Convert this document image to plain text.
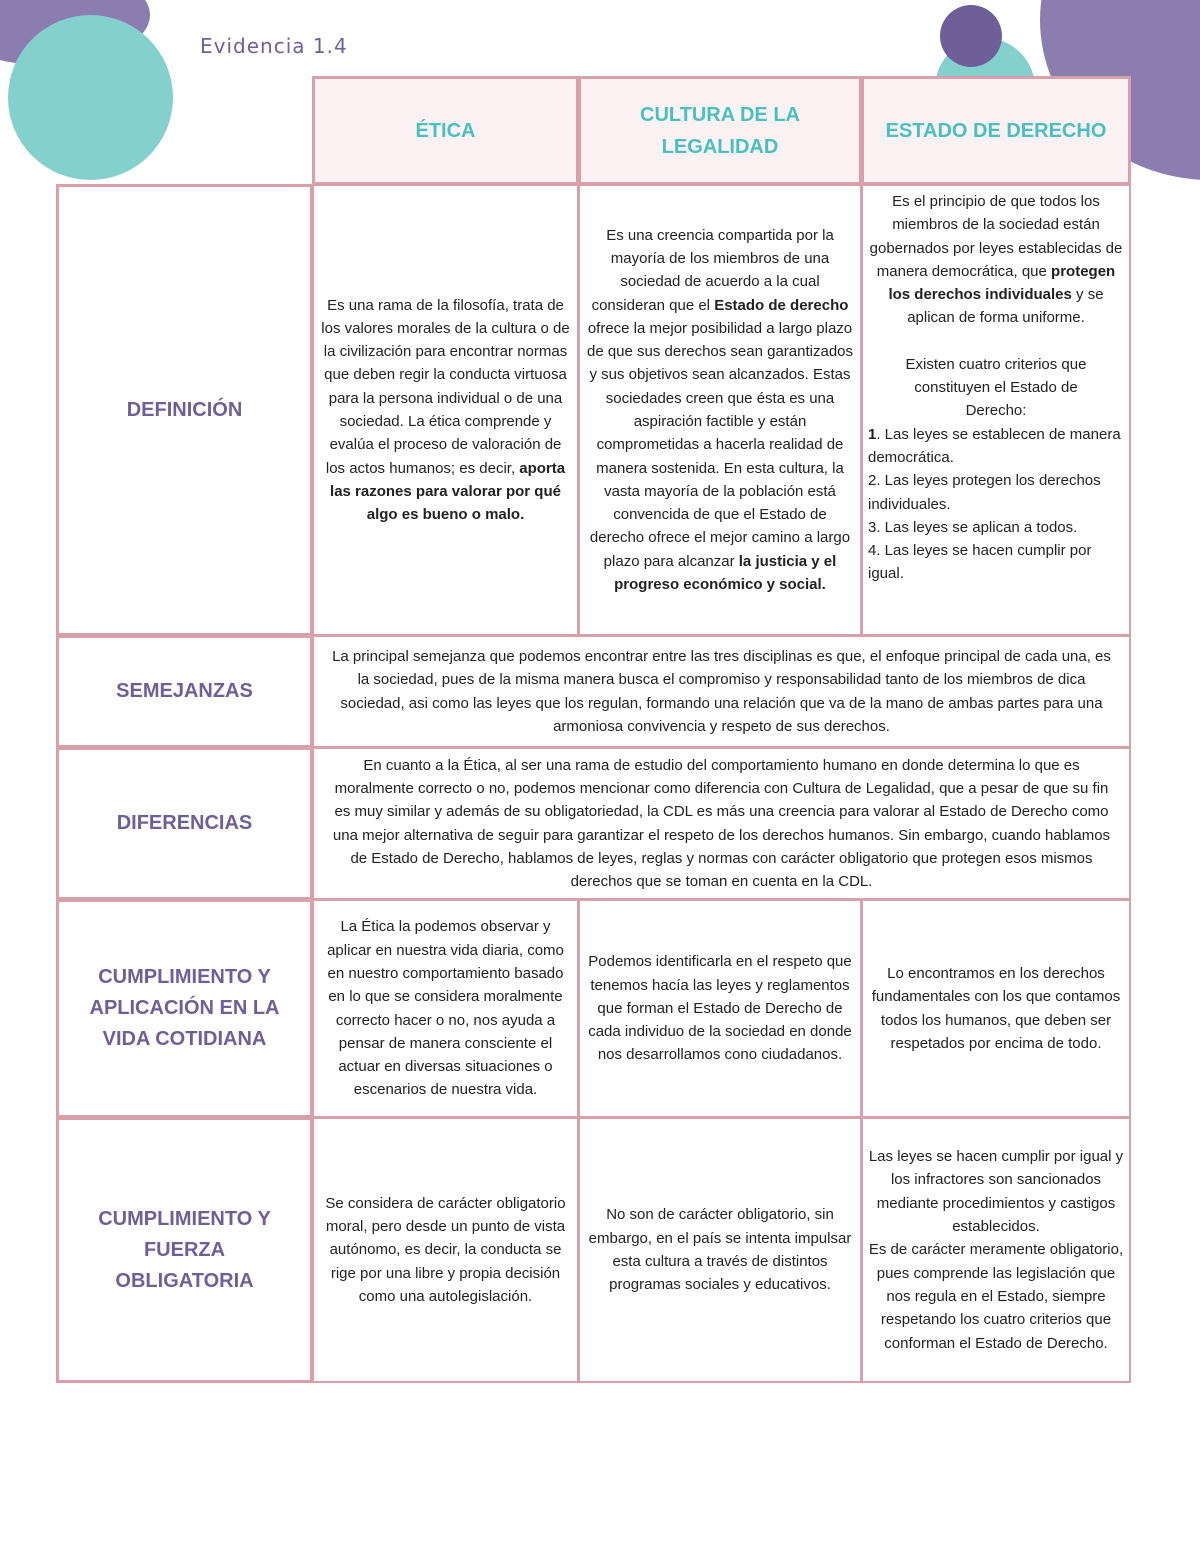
Evidencia 1.4
ÉTICA
CULTURA DE LA LEGALIDAD
ESTADO DE DERECHO
DEFINICIÓN
Es una rama de la filosofía, trata de los valores morales de la cultura o de la civilización para encontrar normas que deben regir la conducta virtuosa para la persona individual o de una sociedad. La ética comprende y evalúa el proceso de valoración de los actos humanos; es decir, aporta las razones para valorar por qué algo es bueno o malo.
Es una creencia compartida por la mayoría de los miembros de una sociedad de acuerdo a la cual consideran que el Estado de derecho ofrece la mejor posibilidad a largo plazo de que sus derechos sean garantizados y sus objetivos sean alcanzados. Estas sociedades creen que ésta es una aspiración factible y están comprometidas a hacerla realidad de manera sostenida. En esta cultura, la vasta mayoría de la población está convencida de que el Estado de derecho ofrece el mejor camino a largo plazo para alcanzar la justicia y el progreso económico y social.
Es el principio de que todos los miembros de la sociedad están gobernados por leyes establecidas de manera democrática, que protegen los derechos individuales y se aplican de forma uniforme.
Existen cuatro criterios que constituyen el Estado de Derecho:
1. Las leyes se establecen de manera democrática.
2. Las leyes protegen los derechos individuales.
3. Las leyes se aplican a todos.
4. Las leyes se hacen cumplir por igual.
SEMEJANZAS
La principal semejanza que podemos encontrar entre las tres disciplinas es que, el enfoque principal de cada una, es la sociedad, pues de la misma manera busca el compromiso y responsabilidad tanto de los miembros de dica sociedad, asi como las leyes que los regulan, formando una relación que va de la mano de ambas partes para una armoniosa convivencia y respeto de sus derechos.
DIFERENCIAS
En cuanto a la Ética, al ser una rama de estudio del comportamiento humano en donde determina lo que es moralmente correcto o no, podemos mencionar como diferencia con Cultura de Legalidad, que a pesar de que su fin es muy similar y además de su obligatoriedad, la CDL es más una creencia para valorar al Estado de Derecho como una mejor alternativa de seguir para garantizar el respeto de los derechos humanos. Sin embargo, cuando hablamos de Estado de Derecho, hablamos de leyes, reglas y normas con carácter obligatorio que protegen esos mismos derechos que se toman en cuenta en la CDL.
CUMPLIMIENTO Y APLICACIÓN EN LA VIDA COTIDIANA
La Ética la podemos observar y aplicar en nuestra vida diaria, como en nuestro comportamiento basado en lo que se considera moralmente correcto hacer o no, nos ayuda a pensar de manera consciente el actuar en diversas situaciones o escenarios de nuestra vida.
Podemos identificarla en el respeto que tenemos hacía las leyes y reglamentos que forman el Estado de Derecho de cada individuo de la sociedad en donde nos desarrollamos cono ciudadanos.
Lo encontramos en los derechos fundamentales con los que contamos todos los humanos, que deben ser respetados por encima de todo.
CUMPLIMIENTO Y FUERZA OBLIGATORIA
Se considera de carácter obligatorio moral, pero desde un punto de vista autónomo, es decir, la conducta se rige por una libre y propia decisión como una autolegislación.
No son de carácter obligatorio, sin embargo, en el país se intenta impulsar esta cultura a través de distintos programas sociales y educativos.
Las leyes se hacen cumplir por igual y los infractores son sancionados mediante procedimientos y castigos establecidos.
Es de carácter meramente obligatorio, pues comprende las legislación que nos regula en el Estado, siempre respetando los cuatro criterios que conforman el Estado de Derecho.
